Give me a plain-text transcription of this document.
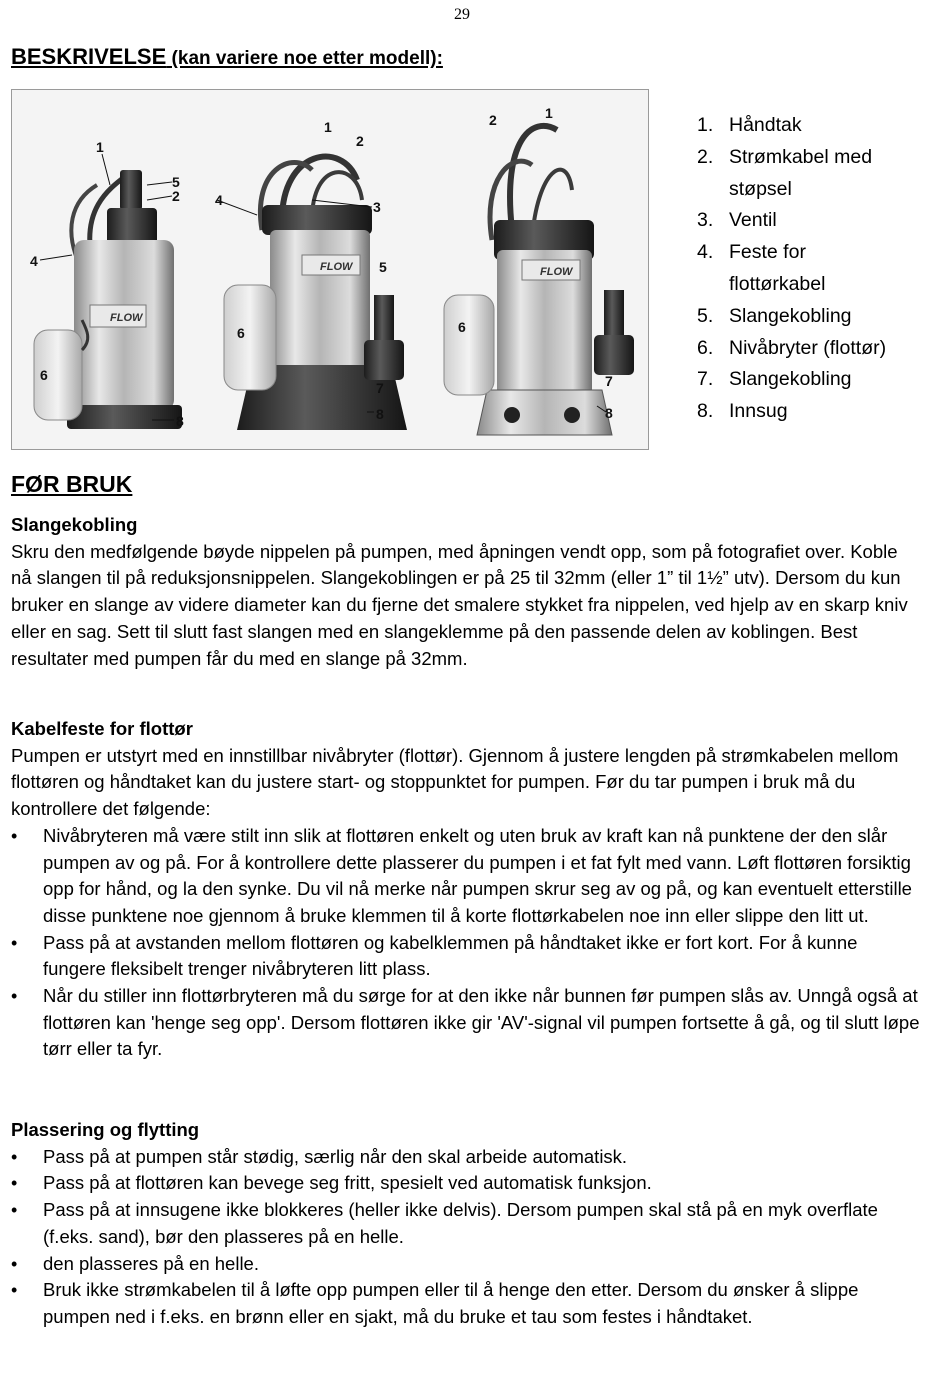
29
BESKRIVELSE (kan variere noe etter modell):
FLOW
FLOW	FLOW
1
5
2
4
6
8
1
2
4	3
5
6
7
8
1
2
6
7
8
1. Håndtak
2. Strømkabel med støpsel
3. Ventil
4. Feste for flottørkabel
5. Slangekobling
6. Nivåbryter (flottør)
7. Slangekobling
8. Innsug
FØR BRUK
Slangekobling

Skru den medfølgende bøyde nippelen på pumpen, med åpningen vendt opp, som på fotografiet over. Koble nå slangen til på reduksjonsnippelen. Slangekoblingen er på 25 til 32mm (eller 1” til 1½” utv). Dersom du kun bruker en slange av videre diameter kan du fjerne det smalere stykket fra nippelen, ved hjelp av en skarp kniv eller en sag. Sett til slutt fast slangen med en slangeklemme på den passende delen av koblingen. Best resultater med pumpen får du med en slange på 32mm.

Kabelfeste for flottør

Pumpen er utstyrt med en innstillbar nivåbryter (flottør). Gjennom å justere lengden på strømkabelen mellom flottøren og håndtaket kan du justere start- og stoppunktet for pumpen. Før du tar pumpen i bruk må du kontrollere det følgende:

• Nivåbryteren må være stilt inn slik at flottøren enkelt og uten bruk av kraft kan nå punktene der den slår pumpen av og på. For å kontrollere dette plasserer du pumpen i et fat fylt med vann. Løft flottøren forsiktig opp for hånd, og la den synke. Du vil nå merke når pumpen skrur seg av og på, og kan eventuelt etterstille disse punktene noe gjennom å bruke klemmen til å korte flottørkabelen noe inn eller slippe den litt ut.
• Pass på at avstanden mellom flottøren og kabelklemmen på håndtaket ikke er fort kort. For å kunne fungere fleksibelt trenger nivåbryteren litt plass.
• Når du stiller inn flottørbryteren må du sørge for at den ikke når bunnen før pumpen slås av. Unngå også at flottøren kan 'henge seg opp'. Dersom flottøren ikke gir 'AV'-signal vil pumpen fortsette å gå, og til slutt løpe tørr eller ta fyr.
Plassering og flytting
• Pass på at pumpen står stødig, særlig når den skal arbeide automatisk.
• Pass på at flottøren kan bevege seg fritt, spesielt ved automatisk funksjon.
• Pass på at innsugene ikke blokkeres (heller ikke delvis). Dersom pumpen skal stå på en myk overflate (f.eks. sand), bør den plasseres på en helle.
• den plasseres på en helle.
• Bruk ikke strømkabelen til å løfte opp pumpen eller til å henge den etter. Dersom du ønsker å slippe pumpen ned i f.eks. en brønn eller en sjakt, må du bruke et tau som festes i håndtaket.
